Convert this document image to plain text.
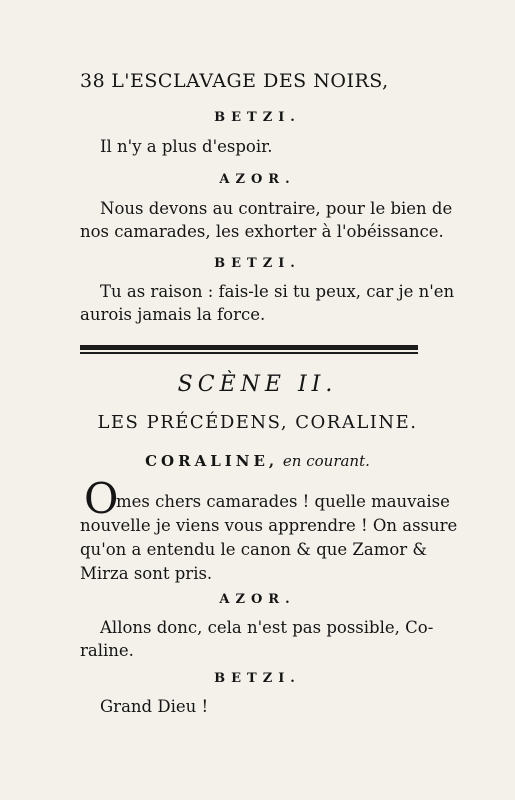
38 L'ESCLAVAGE DES NOIRS,
BETZI.
Il n'y a plus d'espoir.
AZOR.
Nous devons au contraire, pour le bien de
nos camarades, les exhorter à l'obéissance.
BETZI.
Tu as raison : fais-le si tu peux, car je n'en
aurois jamais la force.
SCÈNE II.
LES PRÉCÉDENS, CORALINE.
CORALINE, en courant.
O
mes chers camarades ! quelle mauvaise
nouvelle je viens vous apprendre ! On assure
qu'on a entendu le canon & que Zamor &
Mirza sont pris.
AZOR.
Allons donc, cela n'est pas possible, Co-
raline.
BETZI.
Grand Dieu !
